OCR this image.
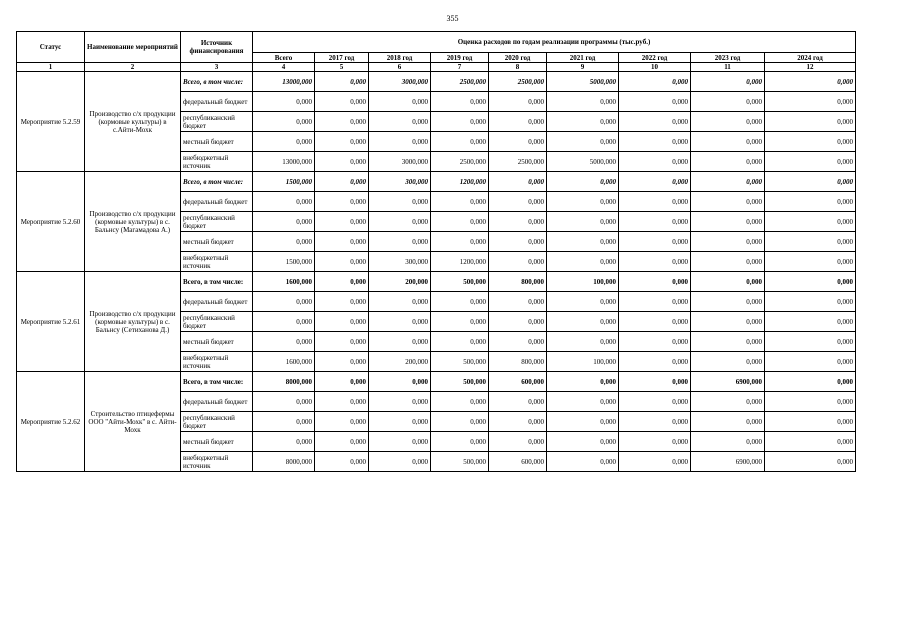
355
Статус	Наименование мероприятий	Источник финансирования	Оценка расходов по годам реализации программы (тыс.руб.)								
			Всего	2017 год	2018 год	2019 год	2020 год	2021 год	2022 год	2023 год	2024 год
1	2	3	4	5	6	7	8	9	10	11	12
Мероприятие 5.2.59	Производство с/х продукции (кормовые культуры) в с.Айти-Мохк	Всего, в том числе:	13000,000	0,000	3000,000	2500,000	2500,000	5000,000	0,000	0,000	0,000
		федеральный бюджет	0,000	0,000	0,000	0,000	0,000	0,000	0,000	0,000	0,000
		республиканский бюджет	0,000	0,000	0,000	0,000	0,000	0,000	0,000	0,000	0,000
		местный бюджет	0,000	0,000	0,000	0,000	0,000	0,000	0,000	0,000	0,000
		внебюджетный источник	13000,000	0,000	3000,000	2500,000	2500,000	5000,000	0,000	0,000	0,000
Мероприятие 5.2.60	Производство с/х продукции (кормовые культуры) в с. Бальнсу (Магамадова А.)	Всего, в том числе:	1500,000	0,000	300,000	1200,000	0,000	0,000	0,000	0,000	0,000
		федеральный бюджет	0,000	0,000	0,000	0,000	0,000	0,000	0,000	0,000	0,000
		республиканский бюджет	0,000	0,000	0,000	0,000	0,000	0,000	0,000	0,000	0,000
		местный бюджет	0,000	0,000	0,000	0,000	0,000	0,000	0,000	0,000	0,000
		внебюджетный источник	1500,000	0,000	300,000	1200,000	0,000	0,000	0,000	0,000	0,000
Мероприятие 5.2.61	Производство с/х продукции (кормовые культуры) в с. Бальнсу (Сетиханова Д.)	Всего, в том числе:	1600,000	0,000	200,000	500,000	800,000	100,000	0,000	0,000	0,000
		федеральный бюджет	0,000	0,000	0,000	0,000	0,000	0,000	0,000	0,000	0,000
		республиканский бюджет	0,000	0,000	0,000	0,000	0,000	0,000	0,000	0,000	0,000
		местный бюджет	0,000	0,000	0,000	0,000	0,000	0,000	0,000	0,000	0,000
		внебюджетный источник	1600,000	0,000	200,000	500,000	800,000	100,000	0,000	0,000	0,000
Мероприятие 5.2.62	Строительство птицефермы ООО "Айти-Мохк" в с. Айти-Мохк	Всего, в том числе:	8000,000	0,000	0,000	500,000	600,000	0,000	0,000	6900,000	0,000
		федеральный бюджет	0,000	0,000	0,000	0,000	0,000	0,000	0,000	0,000	0,000
		республиканский бюджет	0,000	0,000	0,000	0,000	0,000	0,000	0,000	0,000	0,000
		местный бюджет	0,000	0,000	0,000	0,000	0,000	0,000	0,000	0,000	0,000
		внебюджетный источник	8000,000	0,000	0,000	500,000	600,000	0,000	0,000	6900,000	0,000
